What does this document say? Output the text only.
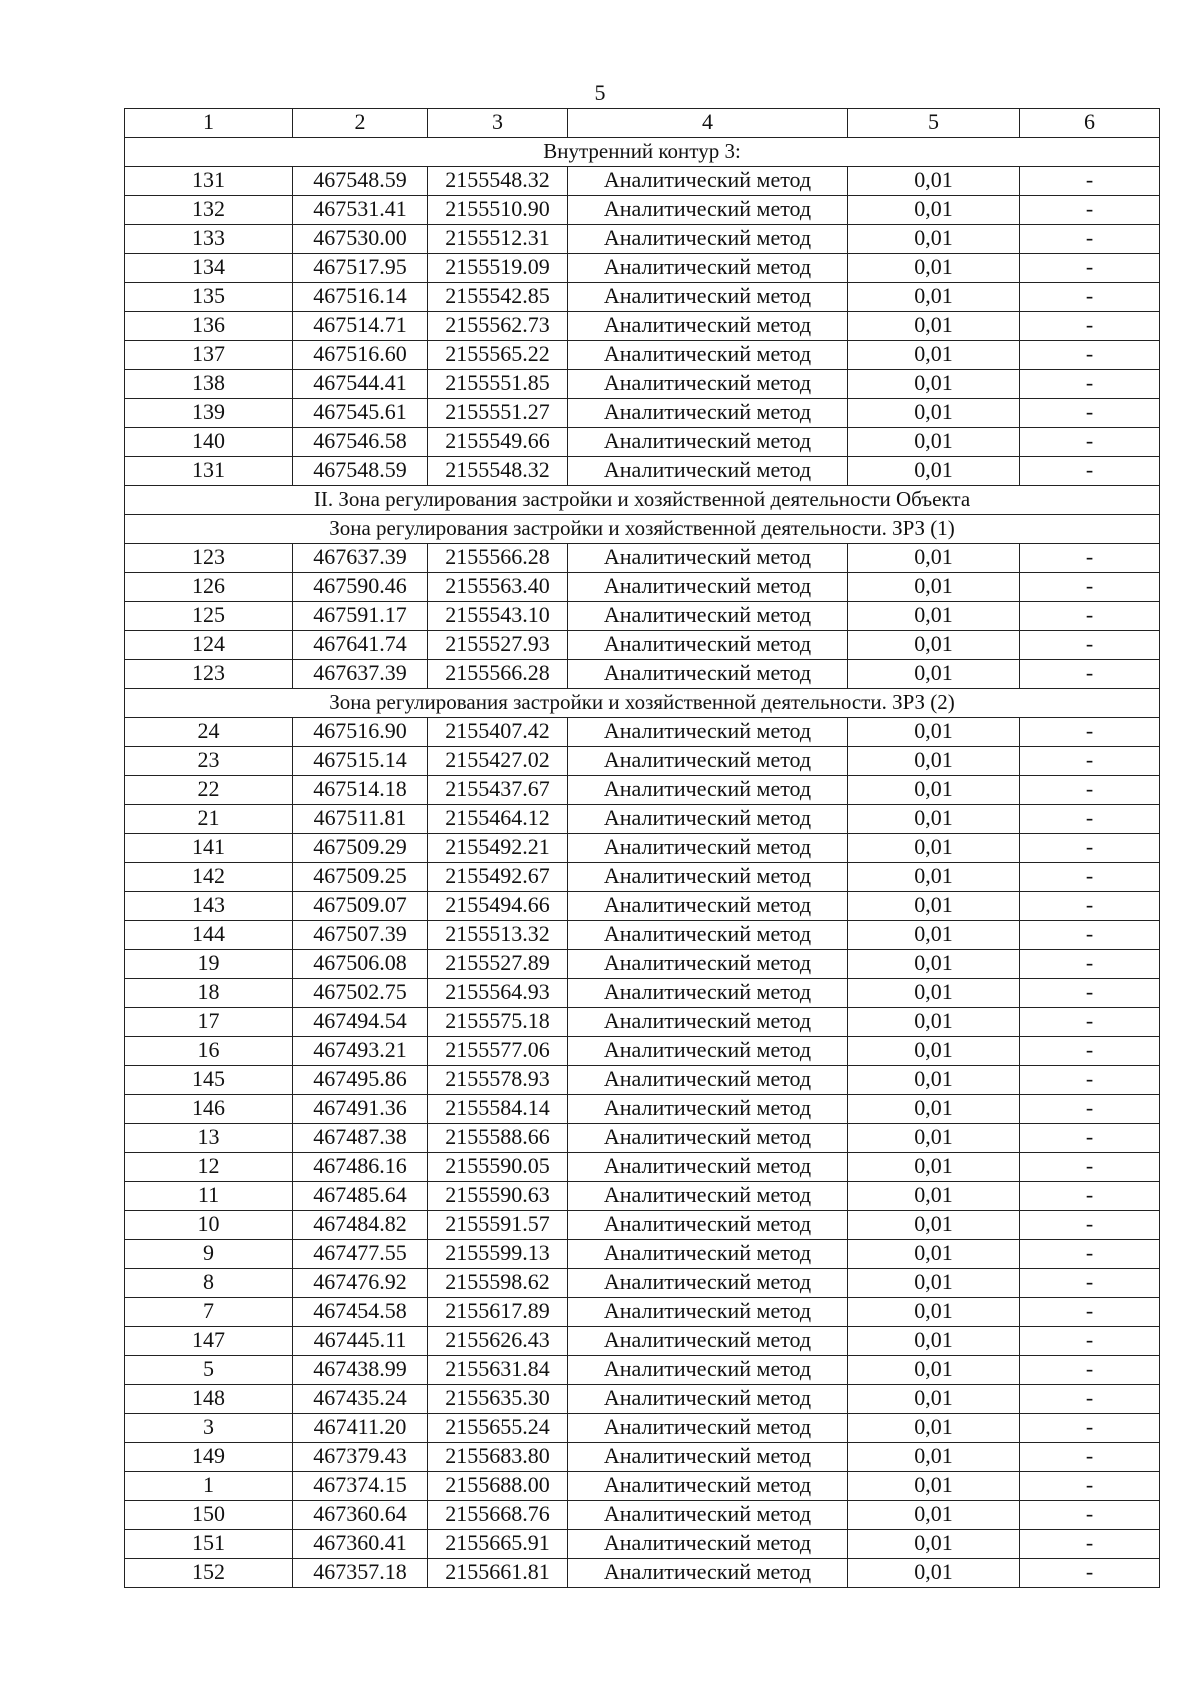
5
1	2	3	4	5	6
Внутренний контур 3:					
131	467548.59	2155548.32	Аналитический метод	0,01	-
132	467531.41	2155510.90	Аналитический метод	0,01	-
133	467530.00	2155512.31	Аналитический метод	0,01	-
134	467517.95	2155519.09	Аналитический метод	0,01	-
135	467516.14	2155542.85	Аналитический метод	0,01	-
136	467514.71	2155562.73	Аналитический метод	0,01	-
137	467516.60	2155565.22	Аналитический метод	0,01	-
138	467544.41	2155551.85	Аналитический метод	0,01	-
139	467545.61	2155551.27	Аналитический метод	0,01	-
140	467546.58	2155549.66	Аналитический метод	0,01	-
131	467548.59	2155548.32	Аналитический метод	0,01	-
II. Зона регулирования застройки и хозяйственной деятельности Объекта					
Зона регулирования застройки и хозяйственной деятельности. ЗРЗ (1)					
123	467637.39	2155566.28	Аналитический метод	0,01	-
126	467590.46	2155563.40	Аналитический метод	0,01	-
125	467591.17	2155543.10	Аналитический метод	0,01	-
124	467641.74	2155527.93	Аналитический метод	0,01	-
123	467637.39	2155566.28	Аналитический метод	0,01	-
Зона регулирования застройки и хозяйственной деятельности. ЗРЗ (2)					
24	467516.90	2155407.42	Аналитический метод	0,01	-
23	467515.14	2155427.02	Аналитический метод	0,01	-
22	467514.18	2155437.67	Аналитический метод	0,01	-
21	467511.81	2155464.12	Аналитический метод	0,01	-
141	467509.29	2155492.21	Аналитический метод	0,01	-
142	467509.25	2155492.67	Аналитический метод	0,01	-
143	467509.07	2155494.66	Аналитический метод	0,01	-
144	467507.39	2155513.32	Аналитический метод	0,01	-
19	467506.08	2155527.89	Аналитический метод	0,01	-
18	467502.75	2155564.93	Аналитический метод	0,01	-
17	467494.54	2155575.18	Аналитический метод	0,01	-
16	467493.21	2155577.06	Аналитический метод	0,01	-
145	467495.86	2155578.93	Аналитический метод	0,01	-
146	467491.36	2155584.14	Аналитический метод	0,01	-
13	467487.38	2155588.66	Аналитический метод	0,01	-
12	467486.16	2155590.05	Аналитический метод	0,01	-
11	467485.64	2155590.63	Аналитический метод	0,01	-
10	467484.82	2155591.57	Аналитический метод	0,01	-
9	467477.55	2155599.13	Аналитический метод	0,01	-
8	467476.92	2155598.62	Аналитический метод	0,01	-
7	467454.58	2155617.89	Аналитический метод	0,01	-
147	467445.11	2155626.43	Аналитический метод	0,01	-
5	467438.99	2155631.84	Аналитический метод	0,01	-
148	467435.24	2155635.30	Аналитический метод	0,01	-
3	467411.20	2155655.24	Аналитический метод	0,01	-
149	467379.43	2155683.80	Аналитический метод	0,01	-
1	467374.15	2155688.00	Аналитический метод	0,01	-
150	467360.64	2155668.76	Аналитический метод	0,01	-
151	467360.41	2155665.91	Аналитический метод	0,01	-
152	467357.18	2155661.81	Аналитический метод	0,01	-
